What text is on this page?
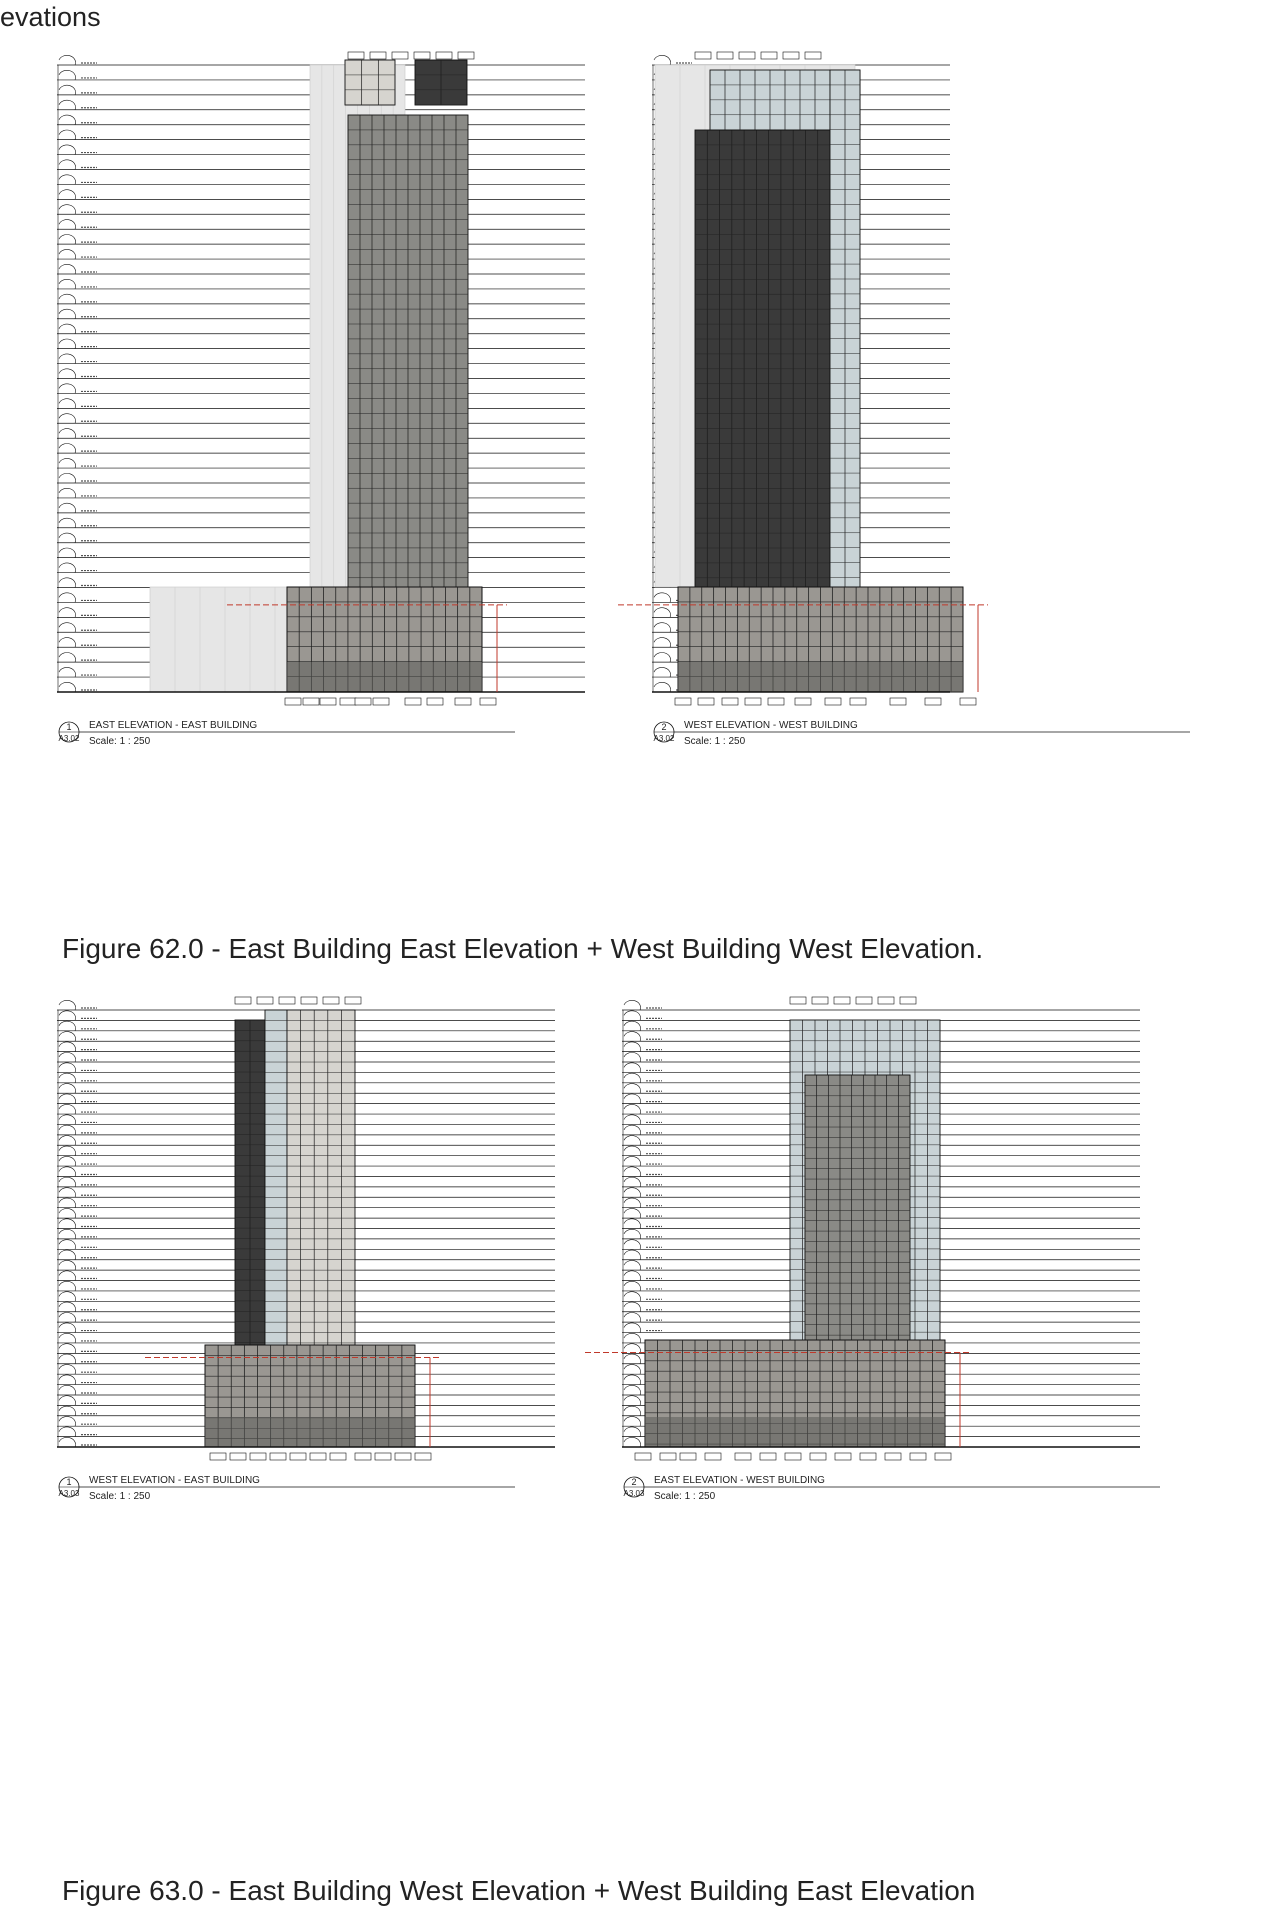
evations
1
A3.02
EAST ELEVATION - EAST BUILDING
Scale: 1 : 250
2
A3.02
WEST ELEVATION - WEST BUILDING
Scale: 1 : 250
Figure 62.0 - East Building East Elevation + West Building West Elevation.
1
A3.03
WEST ELEVATION - EAST BUILDING
Scale: 1 : 250
2
A3.03
EAST ELEVATION - WEST BUILDING
Scale: 1 : 250
Figure 63.0 - East Building West Elevation + West Building East Elevation
